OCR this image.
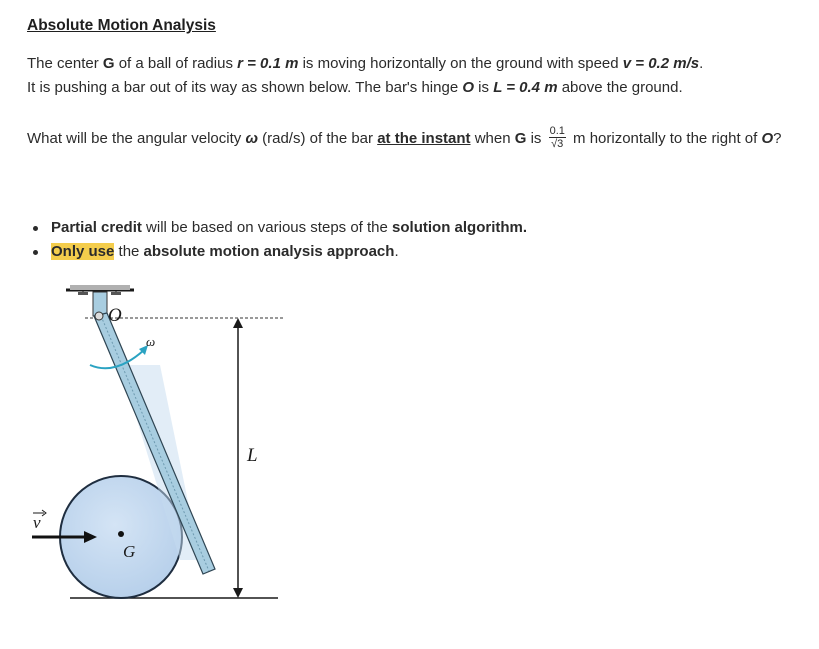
Absolute Motion Analysis
The center G of a ball of radius r = 0.1 m is moving horizontally on the ground with speed v = 0.2 m/s.
It is pushing a bar out of its way as shown below. The bar's hinge O is L = 0.4 m above the ground.
What will be the angular velocity ω (rad/s) of the bar at the instant when G is $\frac{0.1}{√3}$ m horizontally to the right of O?
Partial credit will be based on various steps of the solution algorithm.
Only use the absolute motion analysis approach.
O
ω
L
v
G
